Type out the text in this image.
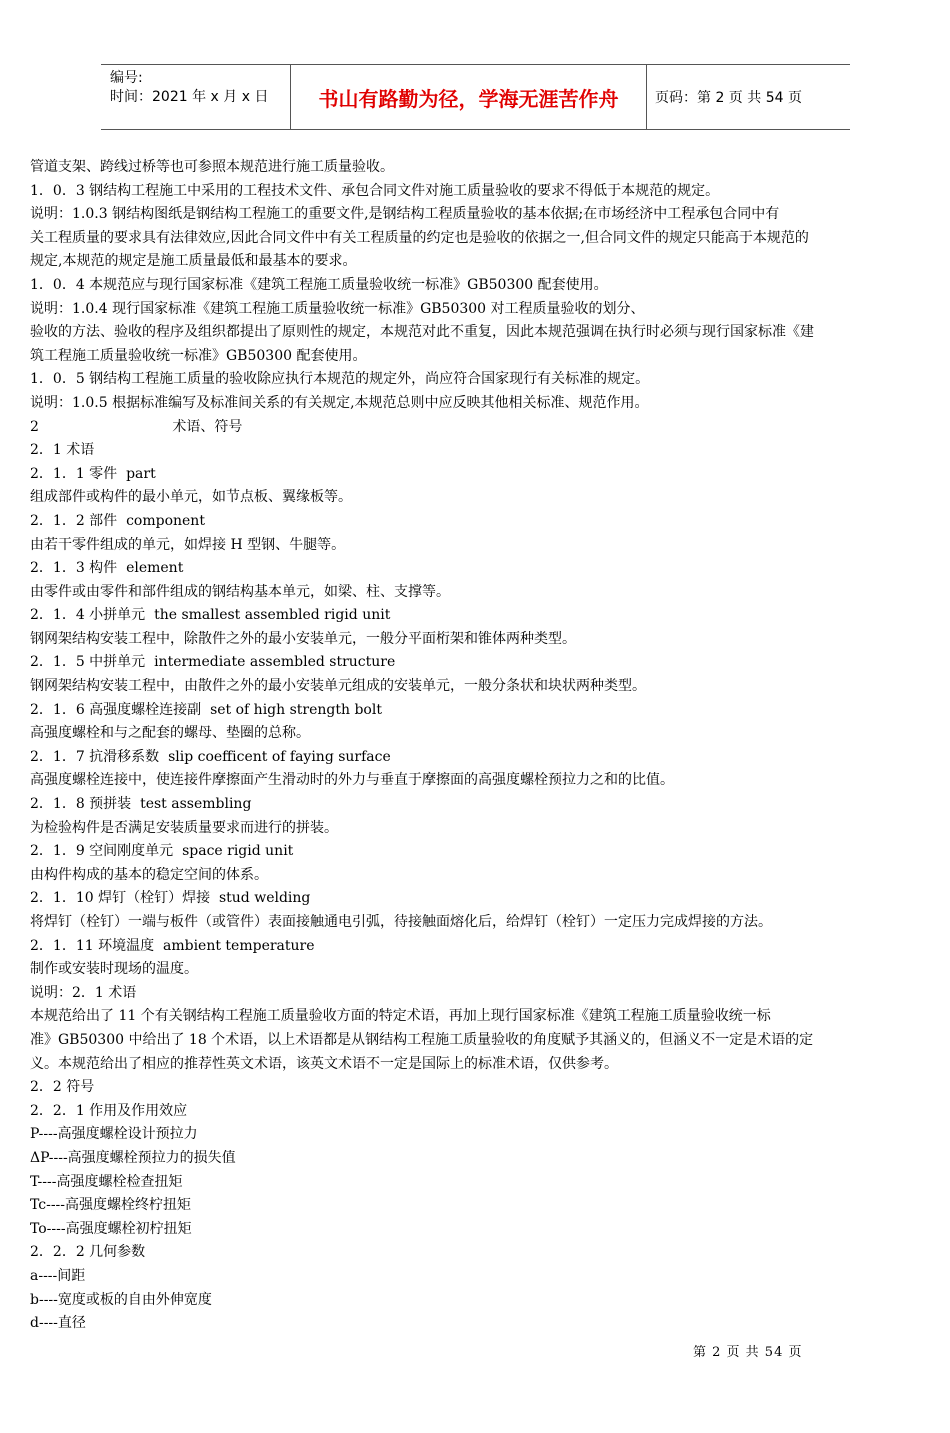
编号:
时间：2021 年 x 月 x 日	书山有路勤为径，学海无涯苦作舟	页码：第 2 页 共 54 页

管道支架、跨线过桥等也可参照本规范进行施工质量验收。

1．0．3 钢结构工程施工中采用的工程技术文件、承包合同文件对施工质量验收的要求不得低于本规范的规定。

说明：1.0.3 钢结构图纸是钢结构工程施工的重要文件,是钢结构工程质量验收的基本依据;在市场经济中工程承包合同中有

关工程质量的要求具有法律效应,因此合同文件中有关工程质量的约定也是验收的依据之一,但合同文件的规定只能高于本规范的

规定,本规范的规定是施工质量最低和最基本的要求。

1．0．4 本规范应与现行国家标准《建筑工程施工质量验收统一标准》GB50300 配套使用。

说明：1.0.4 现行国家标准《建筑工程施工质量验收统一标准》GB50300 对工程质量验收的划分、

验收的方法、验收的程序及组织都提出了原则性的规定，本规范对此不重复，因此本规范强调在执行时必须与现行国家标准《建

筑工程施工质量验收统一标准》GB50300 配套使用。

1．0．5 钢结构工程施工质量的验收除应执行本规范的规定外，尚应符合国家现行有关标准的规定。

说明：1.0.5 根据标准编写及标准间关系的有关规定,本规范总则中应反映其他相关标准、规范作用。

2                              术语、符号

2．1 术语

2．1．1 零件  part

组成部件或构件的最小单元，如节点板、翼缘板等。

2．1．2 部件  component

由若干零件组成的单元，如焊接 H 型钢、牛腿等。

2．1．3 构件  element

由零件或由零件和部件组成的钢结构基本单元，如梁、柱、支撑等。

2．1．4 小拼单元  the smallest assembled rigid unit

钢网架结构安装工程中，除散件之外的最小安装单元，一般分平面桁架和锥体两种类型。

2．1．5 中拼单元  intermediate assembled structure

钢网架结构安装工程中，由散件之外的最小安装单元组成的安装单元，一般分条状和块状两种类型。

2．1．6 高强度螺栓连接副  set of high strength bolt

高强度螺栓和与之配套的螺母、垫圈的总称。

2．1．7 抗滑移系数  slip coefficent of faying surface

高强度螺栓连接中，使连接件摩擦面产生滑动时的外力与垂直于摩擦面的高强度螺栓预拉力之和的比值。

2．1．8 预拼装  test assembling

为检验构件是否满足安装质量要求而进行的拼装。

2．1．9 空间刚度单元  space rigid unit

由构件构成的基本的稳定空间的体系。

2．1．10 焊钉（栓钉）焊接  stud welding

将焊钉（栓钉）一端与板件（或管件）表面接触通电引弧，待接触面熔化后，给焊钉（栓钉）一定压力完成焊接的方法。

2．1．11 环境温度  ambient temperature

制作或安装时现场的温度。

说明：2．1 术语

本规范给出了 11 个有关钢结构工程施工质量验收方面的特定术语，再加上现行国家标准《建筑工程施工质量验收统一标

准》GB50300 中给出了 18 个术语，以上术语都是从钢结构工程施工质量验收的角度赋予其涵义的，但涵义不一定是术语的定

义。本规范给出了相应的推荐性英文术语，该英文术语不一定是国际上的标准术语，仅供参考。

2．2 符号

2．2．1 作用及作用效应

P----高强度螺栓设计预拉力

ΔP----高强度螺栓预拉力的损失值

T----高强度螺栓检查扭矩

Tc----高强度螺栓终柠扭矩

To----高强度螺栓初柠扭矩

2．2．2 几何参数

a----间距

b----宽度或板的自由外伸宽度

d----直径

第 2 页 共 54 页
